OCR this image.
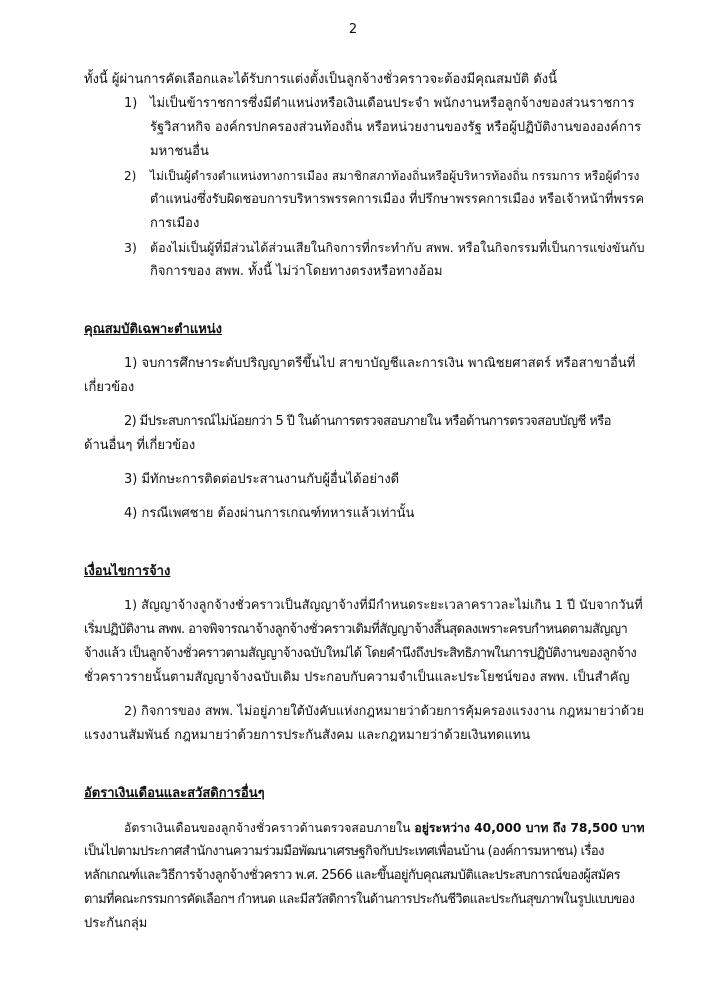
2
ทั้งนี้ ผู้ผ่านการคัดเลือกและได้รับการแต่งตั้งเป็นลูกจ้างชั่วคราวจะต้องมีคุณสมบัติ ดังนี้
1) ไม่เป็นข้าราชการซึ่งมีตำแหน่งหรือเงินเดือนประจำ พนักงานหรือลูกจ้างของส่วนราชการ
รัฐวิสาหกิจ องค์กรปกครองส่วนท้องถิ่น หรือหน่วยงานของรัฐ หรือผู้ปฏิบัติงานขององค์การ
มหาชนอื่น
2) ไม่เป็นผู้ดำรงตำแหน่งทางการเมือง สมาชิกสภาท้องถิ่นหรือผู้บริหารท้องถิ่น กรรมการ หรือผู้ดำรง
ตำแหน่งซึ่งรับผิดชอบการบริหารพรรคการเมือง ที่ปรึกษาพรรคการเมือง หรือเจ้าหน้าที่พรรค
การเมือง
3) ต้องไม่เป็นผู้ที่มีส่วนได้ส่วนเสียในกิจการที่กระทำกับ สพพ. หรือในกิจกรรมที่เป็นการแข่งขันกับ
กิจการของ สพพ. ทั้งนี้ ไม่ว่าโดยทางตรงหรือทางอ้อม
คุณสมบัติเฉพาะตำแหน่ง
1) จบการศึกษาระดับปริญญาตรีขึ้นไป สาขาบัญชีและการเงิน พาณิชยศาสตร์ หรือสาขาอื่นที่
เกี่ยวข้อง
2) มีประสบการณ์ไม่น้อยกว่า 5 ปี ในด้านการตรวจสอบภายใน หรือด้านการตรวจสอบบัญชี หรือ
ด้านอื่นๆ ที่เกี่ยวข้อง
3) มีทักษะการติดต่อประสานงานกับผู้อื่นได้อย่างดี
4) กรณีเพศชาย ต้องผ่านการเกณฑ์ทหารแล้วเท่านั้น
เงื่อนไขการจ้าง
1) สัญญาจ้างลูกจ้างชั่วคราวเป็นสัญญาจ้างที่มีกำหนดระยะเวลาคราวละไม่เกิน 1 ปี นับจากวันที่
เริ่มปฏิบัติงาน สพพ. อาจพิจารณาจ้างลูกจ้างชั่วคราวเดิมที่สัญญาจ้างสิ้นสุดลงเพราะครบกำหนดตามสัญญา
จ้างแล้ว เป็นลูกจ้างชั่วคราวตามสัญญาจ้างฉบับใหม่ได้ โดยคำนึงถึงประสิทธิภาพในการปฏิบัติงานของลูกจ้าง
ชั่วคราวรายนั้นตามสัญญาจ้างฉบับเดิม ประกอบกับความจำเป็นและประโยชน์ของ สพพ. เป็นสำคัญ
2) กิจการของ สพพ. ไม่อยู่ภายใต้บังคับแห่งกฎหมายว่าด้วยการคุ้มครองแรงงาน กฎหมายว่าด้วย
แรงงานสัมพันธ์ กฎหมายว่าด้วยการประกันสังคม และกฎหมายว่าด้วยเงินทดแทน
อัตราเงินเดือนและสวัสดิการอื่นๆ
อัตราเงินเดือนของลูกจ้างชั่วคราวด้านตรวจสอบภายใน อยู่ระหว่าง 40,000 บาท ถึง 78,500 บาท
เป็นไปตามประกาศสำนักงานความร่วมมือพัฒนาเศรษฐกิจกับประเทศเพื่อนบ้าน (องค์การมหาชน) เรื่อง
หลักเกณฑ์และวิธีการจ้างลูกจ้างชั่วคราว พ.ศ. 2566 และขึ้นอยู่กับคุณสมบัติและประสบการณ์ของผู้สมัคร
ตามที่คณะกรรมการคัดเลือกฯ กำหนด และมีสวัสดิการในด้านการประกันชีวิตและประกันสุขภาพในรูปแบบของ
ประกันกลุ่ม
